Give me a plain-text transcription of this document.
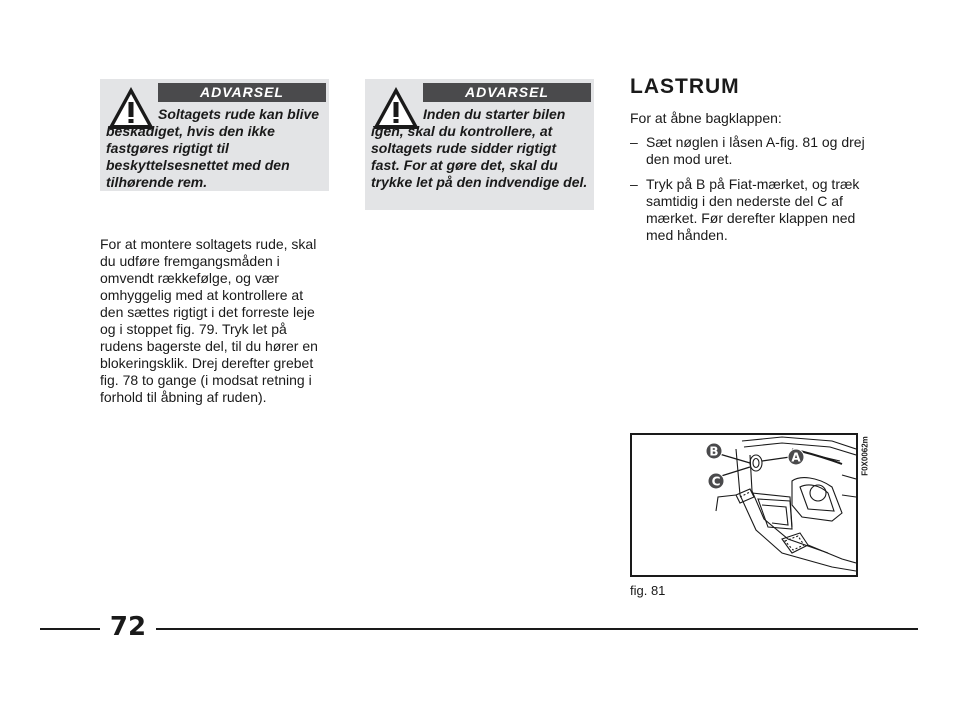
ADVARSEL
Soltagets rude kan blive beskadiget, hvis den ikke fastgøres rigtigt til beskyttelsesnettet med den tilhørende rem.
ADVARSEL
Inden du starter bilen igen, skal du kontrollere, at soltagets rude sidder rigtigt fast. For at gøre det, skal du trykke let på den indvendige del.
For at montere soltagets rude, skal du udføre fremgangsmåden i omvendt rækkefølge, og vær omhyggelig med at kontrollere at den sættes rigtigt i det forreste leje og i stoppet fig. 79. Tryk let på rudens bagerste del, til du hører en blokeringsklik. Drej derefter grebet fig. 78 to gange (i modsat retning i forhold til åbning af ruden).
LASTRUM
For at åbne bagklappen:
– Sæt nøglen i låsen A-fig. 81 og drej den mod uret.
– Tryk på B på Fiat-mærket, og træk samtidig i den nederste del C af mærket. Før derefter klappen ned med hånden.
B	A
C
F0X0062m
fig. 81
72
